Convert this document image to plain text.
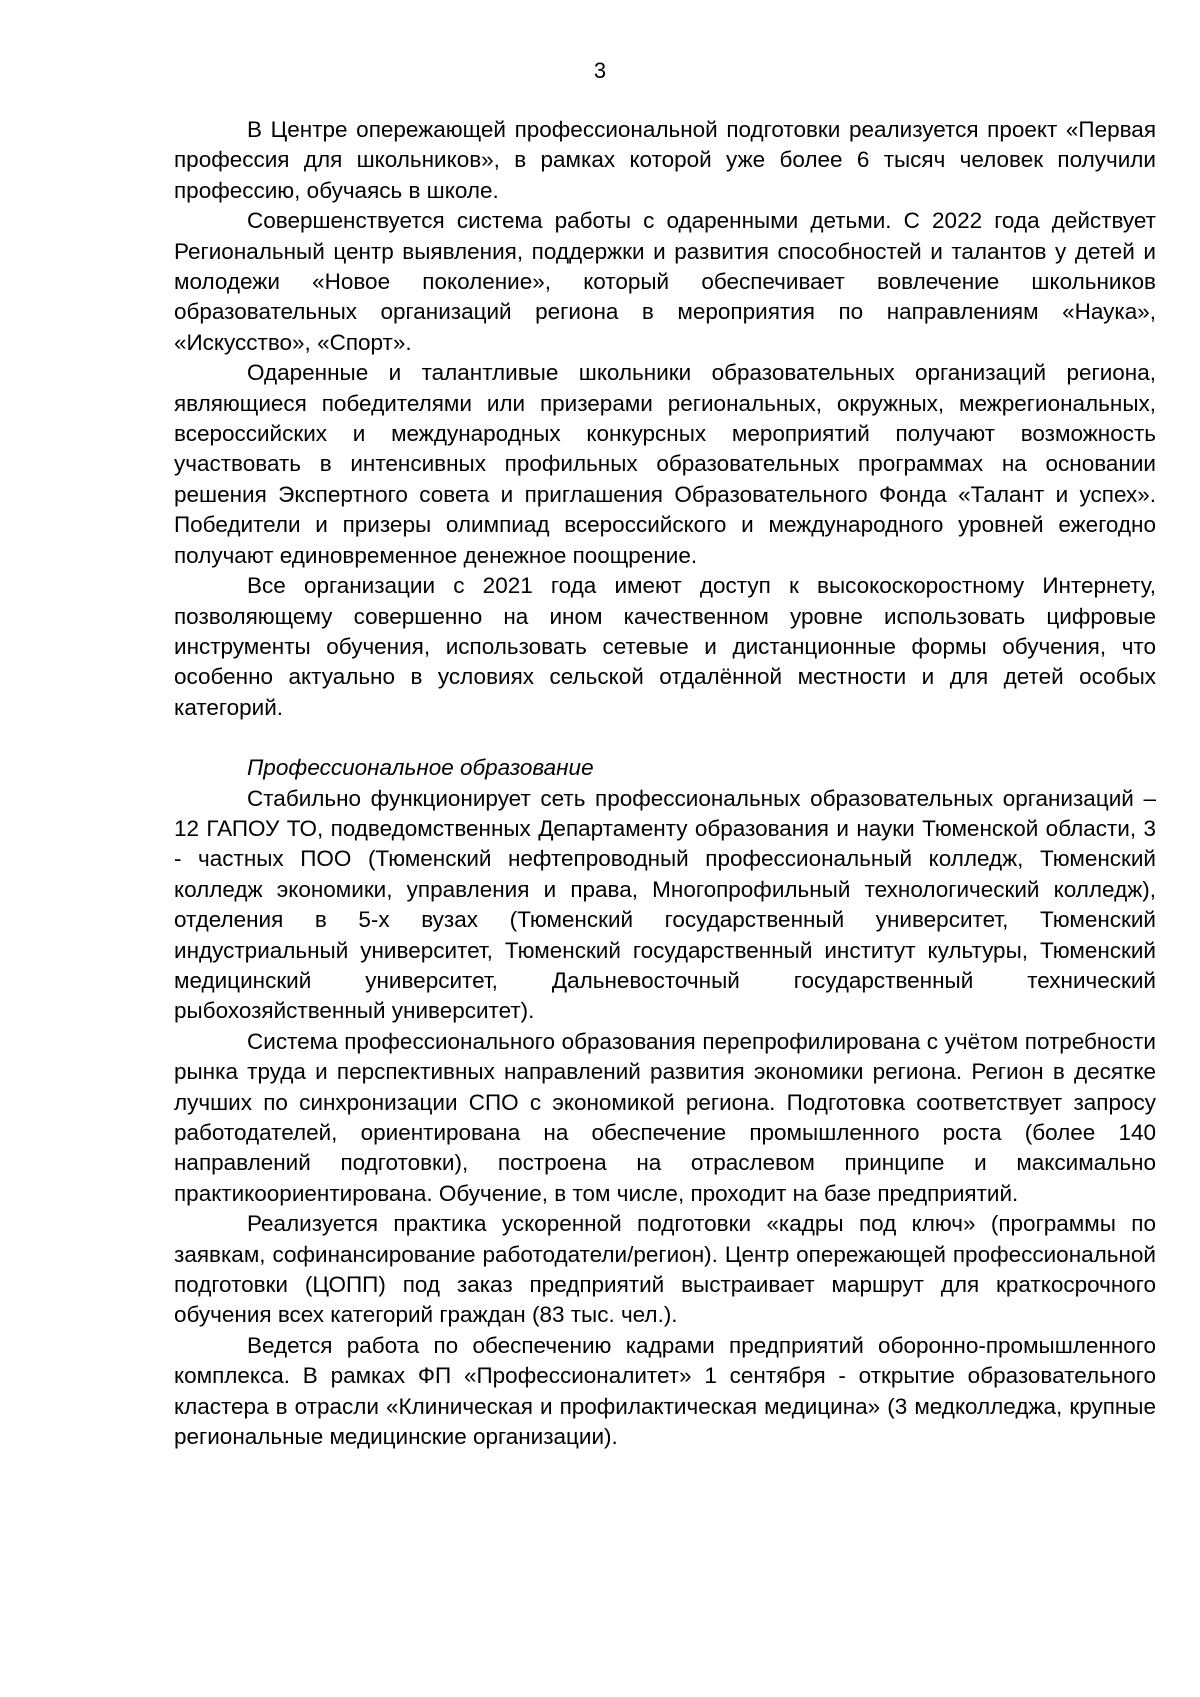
3

В Центре опережающей профессиональной подготовки реализуется проект «Первая профессия для школьников», в рамках которой уже более 6 тысяч человек получили профессию, обучаясь в школе.

Совершенствуется система работы с одаренными детьми. С 2022 года действует Региональный центр выявления, поддержки и развития способностей и талантов у детей и молодежи «Новое поколение», который обеспечивает вовлечение школьников образовательных организаций региона в мероприятия по направлениям «Наука», «Искусство», «Спорт».

Одаренные и талантливые школьники образовательных организаций региона, являющиеся победителями или призерами региональных, окружных, межрегиональных, всероссийских и международных конкурсных мероприятий получают возможность участвовать в интенсивных профильных образовательных программах на основании решения Экспертного совета и приглашения Образовательного Фонда «Талант и успех». Победители и призеры олимпиад всероссийского и международного уровней ежегодно получают единовременное денежное поощрение.

Все организации с 2021 года имеют доступ к высокоскоростному Интернету, позволяющему совершенно на ином качественном уровне использовать цифровые инструменты обучения, использовать сетевые и дистанционные формы обучения, что особенно актуально в условиях сельской отдалённой местности и для детей особых категорий.

Профессиональное образование

Стабильно функционирует сеть профессиональных образовательных организаций – 12 ГАПОУ ТО, подведомственных Департаменту образования и науки Тюменской области, 3 - частных ПОО (Тюменский нефтепроводный профессиональный колледж, Тюменский колледж экономики, управления и права, Многопрофильный технологический колледж), отделения в 5-х вузах (Тюменский государственный университет, Тюменский индустриальный университет, Тюменский государственный институт культуры, Тюменский медицинский университет, Дальневосточный государственный технический рыбохозяйственный университет).

Система профессионального образования перепрофилирована с учётом потребности рынка труда и перспективных направлений развития экономики региона. Регион в десятке лучших по синхронизации СПО с экономикой региона. Подготовка соответствует запросу работодателей, ориентирована на обеспечение промышленного роста (более 140 направлений подготовки), построена на отраслевом принципе и максимально практикоориентирована. Обучение, в том числе, проходит на базе предприятий.

Реализуется практика ускоренной подготовки «кадры под ключ» (программы по заявкам, софинансирование работодатели/регион). Центр опережающей профессиональной подготовки (ЦОПП) под заказ предприятий выстраивает маршрут для краткосрочного обучения всех категорий граждан (83 тыс. чел.).

Ведется работа по обеспечению кадрами предприятий оборонно-промышленного комплекса. В рамках ФП «Профессионалитет» 1 сентября - открытие образовательного кластера в отрасли «Клиническая и профилактическая медицина» (3 медколледжа, крупные региональные медицинские организации).
